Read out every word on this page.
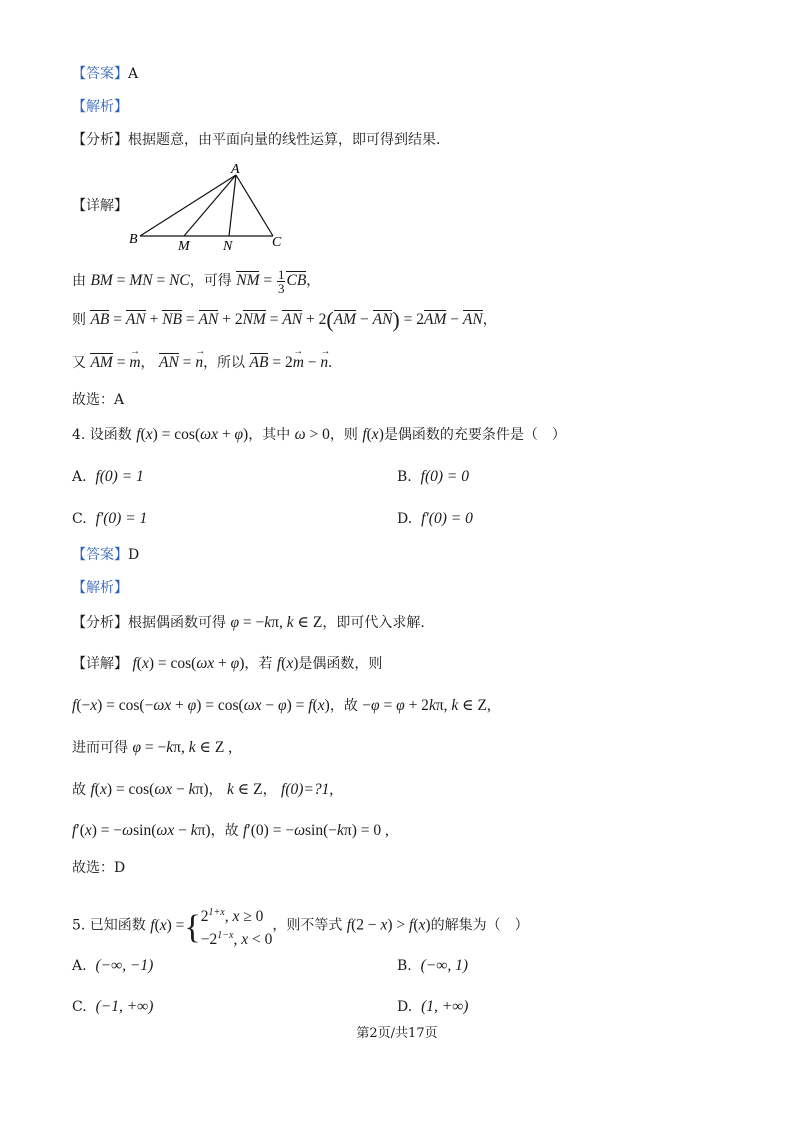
【答案】A
【解析】
【分析】根据题意，由平面向量的线性运算，即可得到结果.
【详解】
A
B	M N	C
由 BM = MN = NC，可得 NM = $\frac{1}{3}$ CB，
则 AB = AN + NB = AN + 2NM = AN + 2(AM − AN) = 2AM − AN，
又 AM = → m， AN = → n，所以 AB = 2→ m − → n.
故选：A
4. 设函数 f(x) = cos(ωx + φ)，其中 ω > 0，则 f(x)是偶函数的充要条件是（　）
A. f(0) = 1	B. f(0) = 0
C. f′(0) = 1	D. f′(0) = 0
【答案】D
【解析】
【分析】根据偶函数可得 φ = −kπ, k ∈ Z，即可代入求解.
【详解】 f(x) = cos(ωx + φ)，若 f(x)是偶函数，则
f(−x) = cos(−ωx + φ) = cos(ωx − φ) = f(x)，故 −φ = φ + 2kπ, k ∈ Z,
进而可得 φ = −kπ, k ∈ Z ,
故 f(x) = cos(ωx − kπ)， k ∈ Z， f(0)=?1,
f′(x) = −ωsin(ωx − kπ)，故 f′(0) = −ωsin(−kπ) = 0 ,
故选：D
5. 已知函数 f(x) ={ $2^{1+x}$, x ≥ 0
$-2^{1-x}$, x < 0
，则不等式 f(2 − x) > f(x)的解集为（　）
A. (−∞, −1)	B. (−∞, 1)
C. (−1, +∞)	D. (1, +∞)
第2页/共17页
